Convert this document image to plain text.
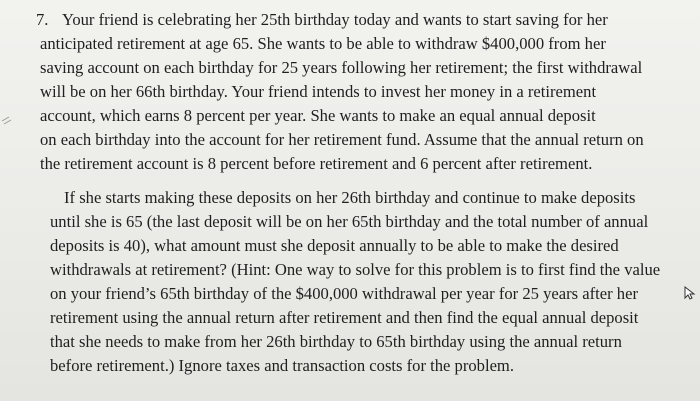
7. Your friend is celebrating her 25th birthday today and wants to start saving for her
anticipated retirement at age 65. She wants to be able to withdraw $400,000 from her
saving account on each birthday for 25 years following her retirement; the first withdrawal
will be on her 66th birthday. Your friend intends to invest her money in a retirement
account, which earns 8 percent per year. She wants to make an equal annual deposit
on each birthday into the account for her retirement fund. Assume that the annual return on
the retirement account is 8 percent before retirement and 6 percent after retirement.
If she starts making these deposits on her 26th birthday and continue to make deposits
until she is 65 (the last deposit will be on her 65th birthday and the total number of annual
deposits is 40), what amount must she deposit annually to be able to make the desired
withdrawals at retirement? (Hint: One way to solve for this problem is to first find the value
on your friend’s 65th birthday of the $400,000 withdrawal per year for 25 years after her
retirement using the annual return after retirement and then find the equal annual deposit
that she needs to make from her 26th birthday to 65th birthday using the annual return
before retirement.) Ignore taxes and transaction costs for the problem.
